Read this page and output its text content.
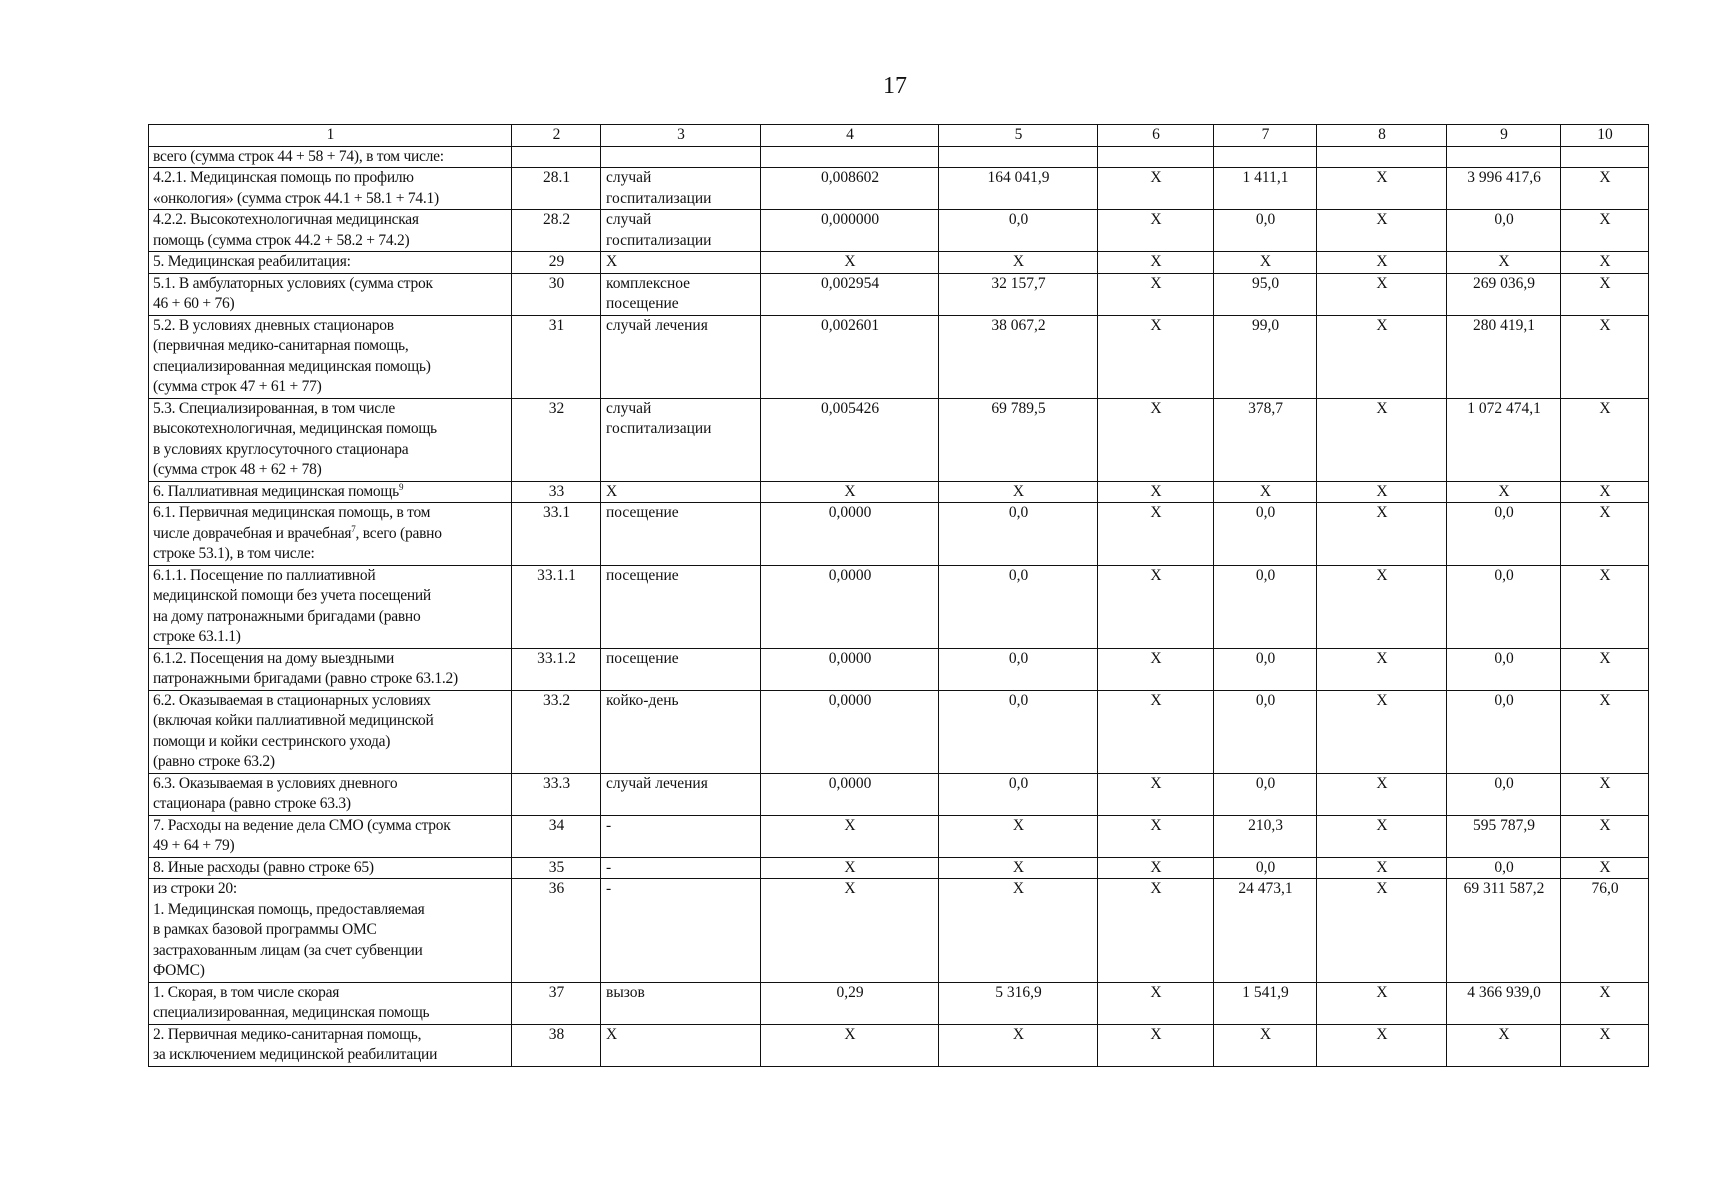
17
1	2	3	4	5	6	7	8	9	10

всего (сумма строк 44 + 58 + 74), в том числе:									

4.2.1. Медицинская помощь по профилю
«онкология» (сумма строк 44.1 + 58.1 + 74.1)	28.1	случай госпитализации	0,008602	164 041,9	X	1 411,1	X	3 996 417,6	X

4.2.2. Высокотехнологичная медицинская
помощь (сумма строк 44.2 + 58.2 + 74.2)	28.2	случай госпитализации	0,000000	0,0	X	0,0	X	0,0	X

5. Медицинская реабилитация:	29	X	X	X	X	X	X	X	X

5.1. В амбулаторных условиях (сумма строк
46 + 60 + 76)	30	комплексное посещение	0,002954	32 157,7	X	95,0	X	269 036,9	X

5.2. В условиях дневных стационаров
(первичная медико-санитарная помощь,
специализированная медицинская помощь)
(сумма строк 47 + 61 + 77)	31	случай лечения	0,002601	38 067,2	X	99,0	X	280 419,1	X

5.3. Специализированная, в том числе
высокотехнологичная, медицинская помощь
в условиях круглосуточного стационара
(сумма строк 48 + 62 + 78)	32	случай госпитализации	0,005426	69 789,5	X	378,7	X	1 072 474,1	X

6. Паллиативная медицинская помощь$^9$	33	X	X	X	X	X	X	X	X

6.1. Первичная медицинская помощь, в том
числе доврачебная и врачебная$^7$, всего (равно
строке 53.1), в том числе:	33.1	посещение	0,0000	0,0	X	0,0	X	0,0	X

6.1.1. Посещение по паллиативной
медицинской помощи без учета посещений
на дому патронажными бригадами (равно
строке 63.1.1)	33.1.1	посещение	0,0000	0,0	X	0,0	X	0,0	X

6.1.2. Посещения на дому выездными
патронажными бригадами (равно строке 63.1.2)	33.1.2	посещение	0,0000	0,0	X	0,0	X	0,0	X

6.2. Оказываемая в стационарных условиях
(включая койки паллиативной медицинской
помощи и койки сестринского ухода)
(равно строке 63.2)	33.2	койко-день	0,0000	0,0	X	0,0	X	0,0	X

6.3. Оказываемая в условиях дневного
стационара (равно строке 63.3)	33.3	случай лечения	0,0000	0,0	X	0,0	X	0,0	X

7. Расходы на ведение дела СМО (сумма строк
49 + 64 + 79)	34	-	X	X	X	210,3	X	595 787,9	X

8. Иные расходы (равно строке 65)	35	-	X	X	X	0,0	X	0,0	X

из строки 20:
1. Медицинская помощь, предоставляемая
в рамках базовой программы ОМС
застрахованным лицам (за счет субвенции
ФОМС)	36	-	X	X	X	24 473,1	X	69 311 587,2	76,0

1. Скорая, в том числе скорая
специализированная, медицинская помощь	37	вызов	0,29	5 316,9	X	1 541,9	X	4 366 939,0	X

2. Первичная медико-санитарная помощь,
за исключением медицинской реабилитации	38	X	X	X	X	X	X	X	X
